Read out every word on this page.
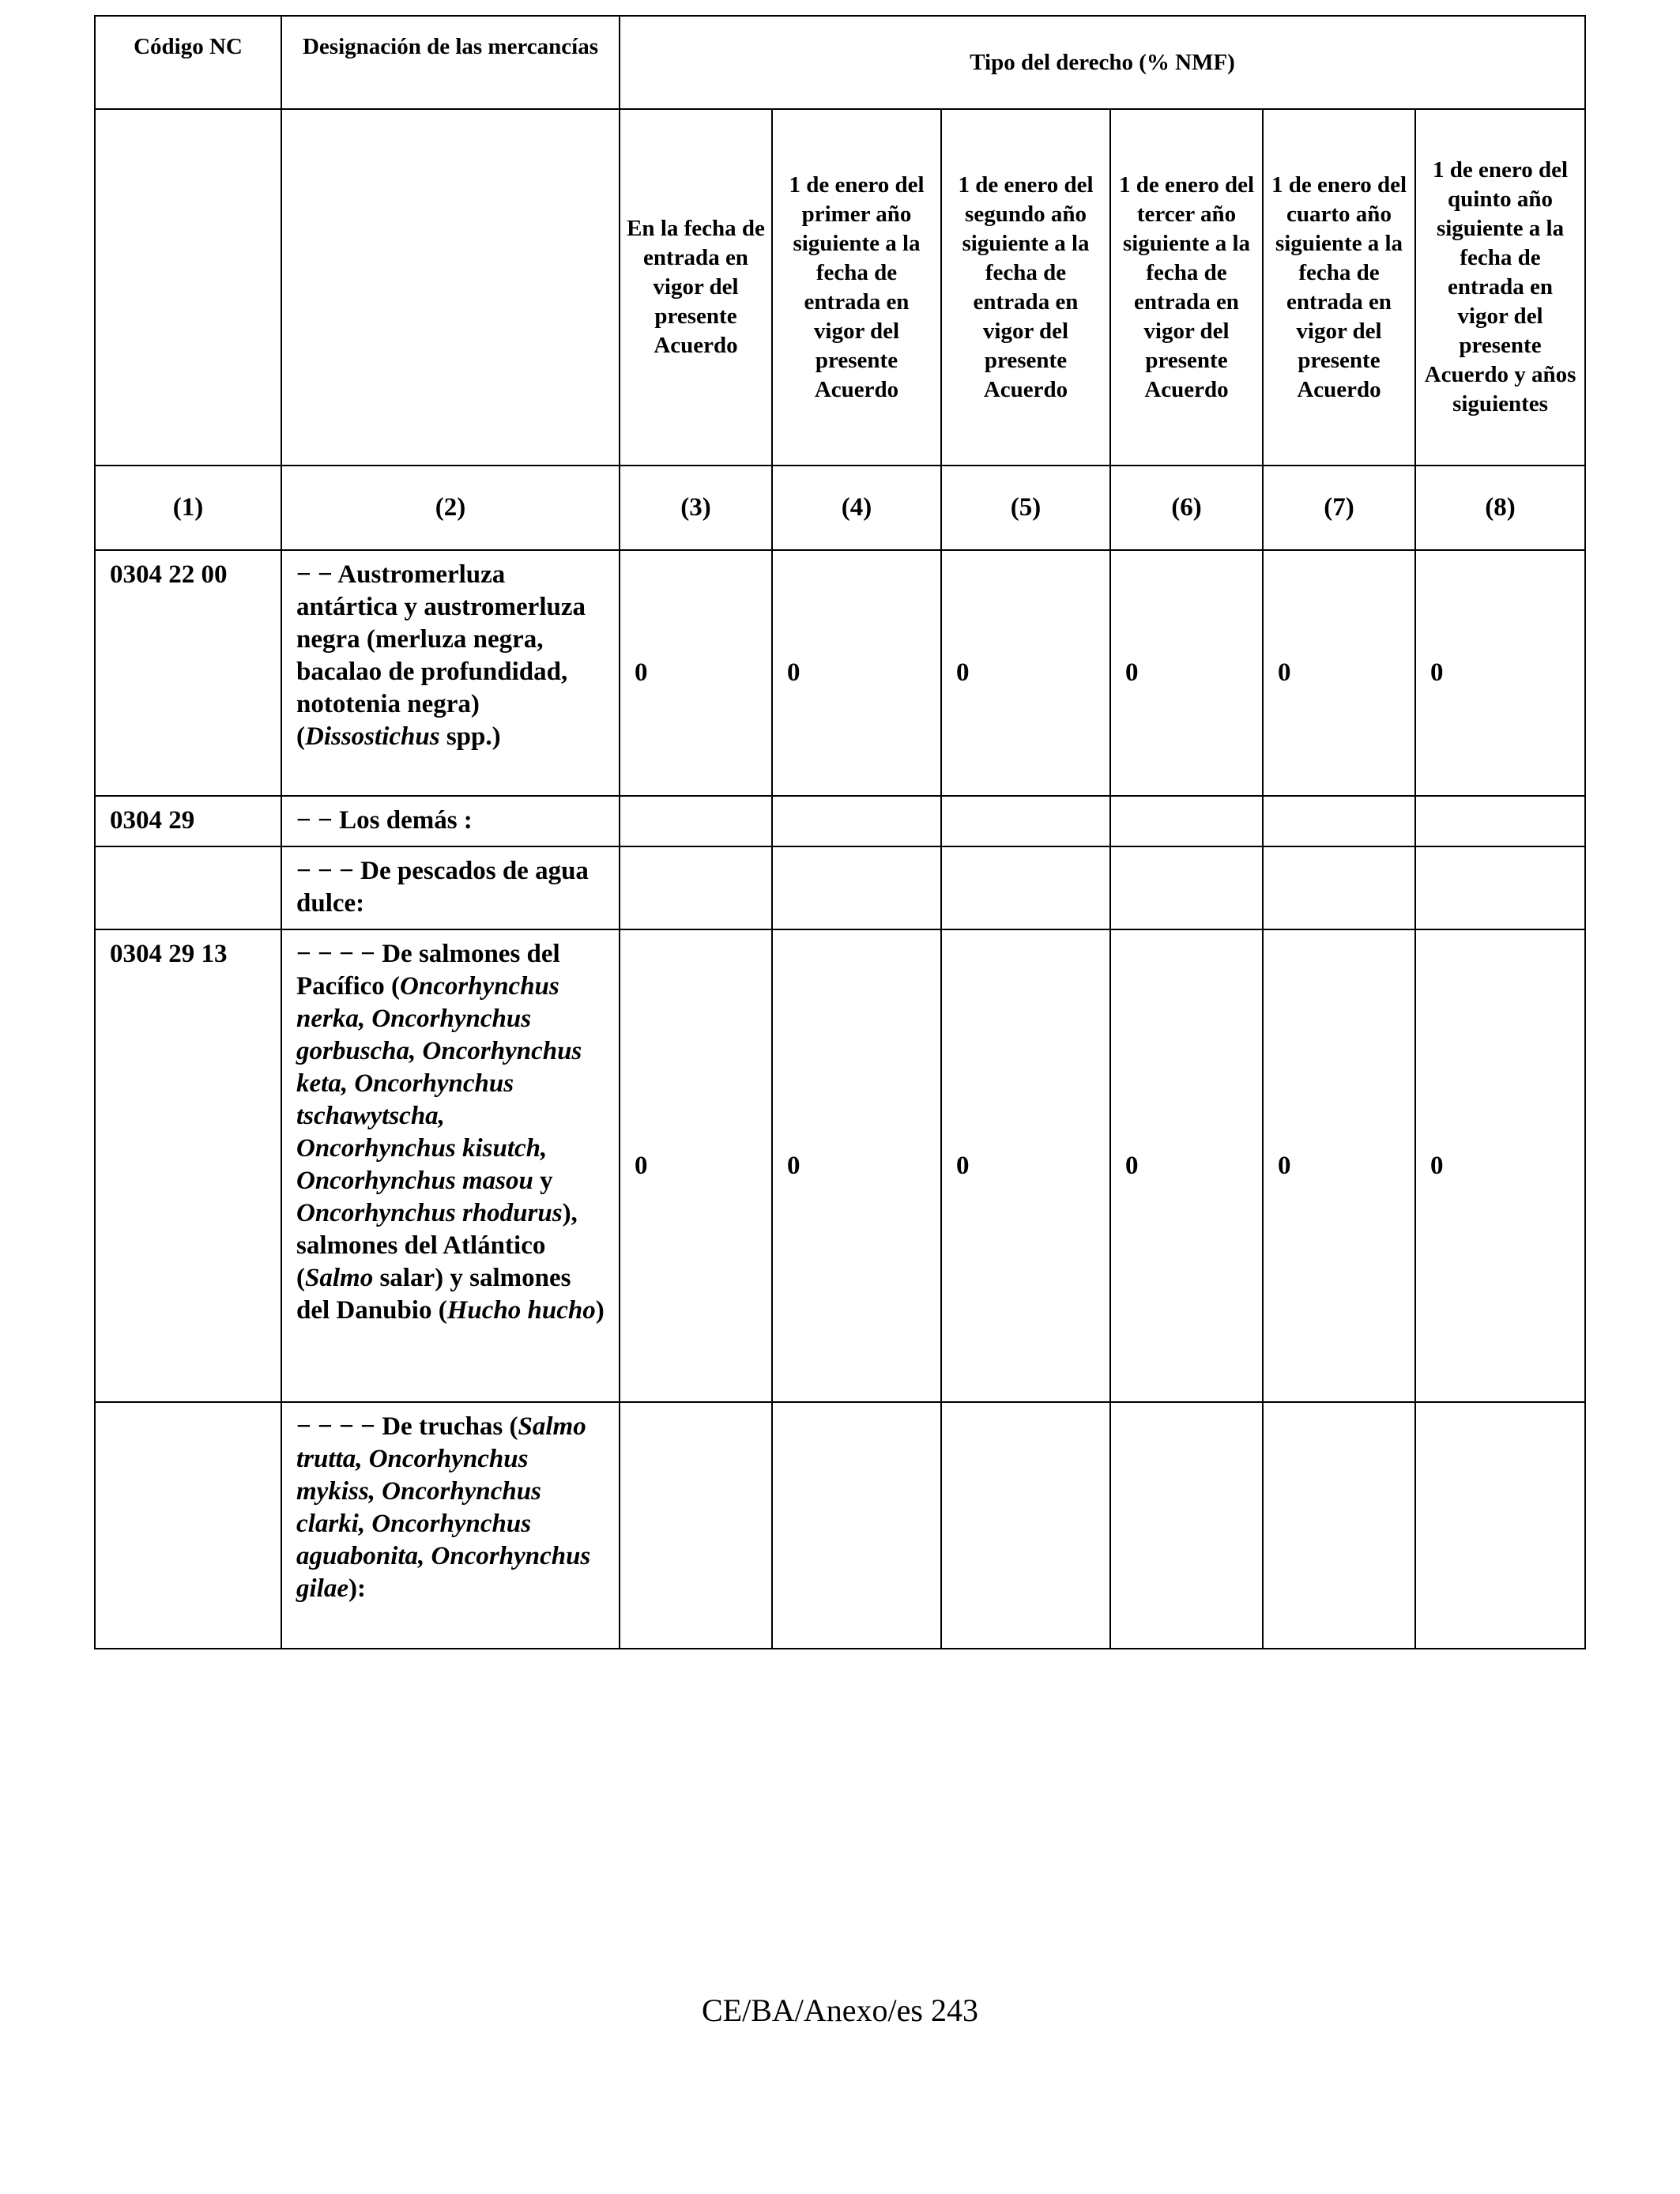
Código NC	Designación de las mercancías	Tipo del derecho (% NMF)					
		En la fecha de entrada en vigor del presente Acuerdo	1 de enero del primer año siguiente a la fecha de entrada en vigor del presente Acuerdo	1 de enero del segundo año siguiente a la fecha de entrada en vigor del presente Acuerdo	1 de enero del tercer año siguiente a la fecha de entrada en vigor del presente Acuerdo	1 de enero del cuarto año siguiente a la fecha de entrada en vigor del presente Acuerdo	1 de enero del quinto año siguiente a la fecha de entrada en vigor del presente Acuerdo y años siguientes
(1)	(2)	(3)	(4)	(5)	(6)	(7)	(8)
0304 22 00	− − Austromerluza antártica y austromerluza negra (merluza negra, bacalao de profundidad, nototenia negra) (Dissostichus spp.)	0	0	0	0	0	0
0304 29	− − Los demás :						
	− − − De pescados de agua dulce:						
0304 29 13	− − − − De salmones del Pacífico (Oncorhynchus nerka, Oncorhynchus gorbuscha, Oncorhynchus keta, Oncorhynchus tschawytscha, Oncorhynchus kisutch, Oncorhynchus masou y Oncorhynchus rhodurus), salmones del Atlántico (Salmo salar) y salmones del Danubio (Hucho hucho)	0	0	0	0	0	0
	− − − − De truchas (Salmo trutta, Oncorhynchus mykiss, Oncorhynchus clarki, Oncorhynchus aguabonita, Oncorhynchus gilae):						
CE/BA/Anexo/es 243
